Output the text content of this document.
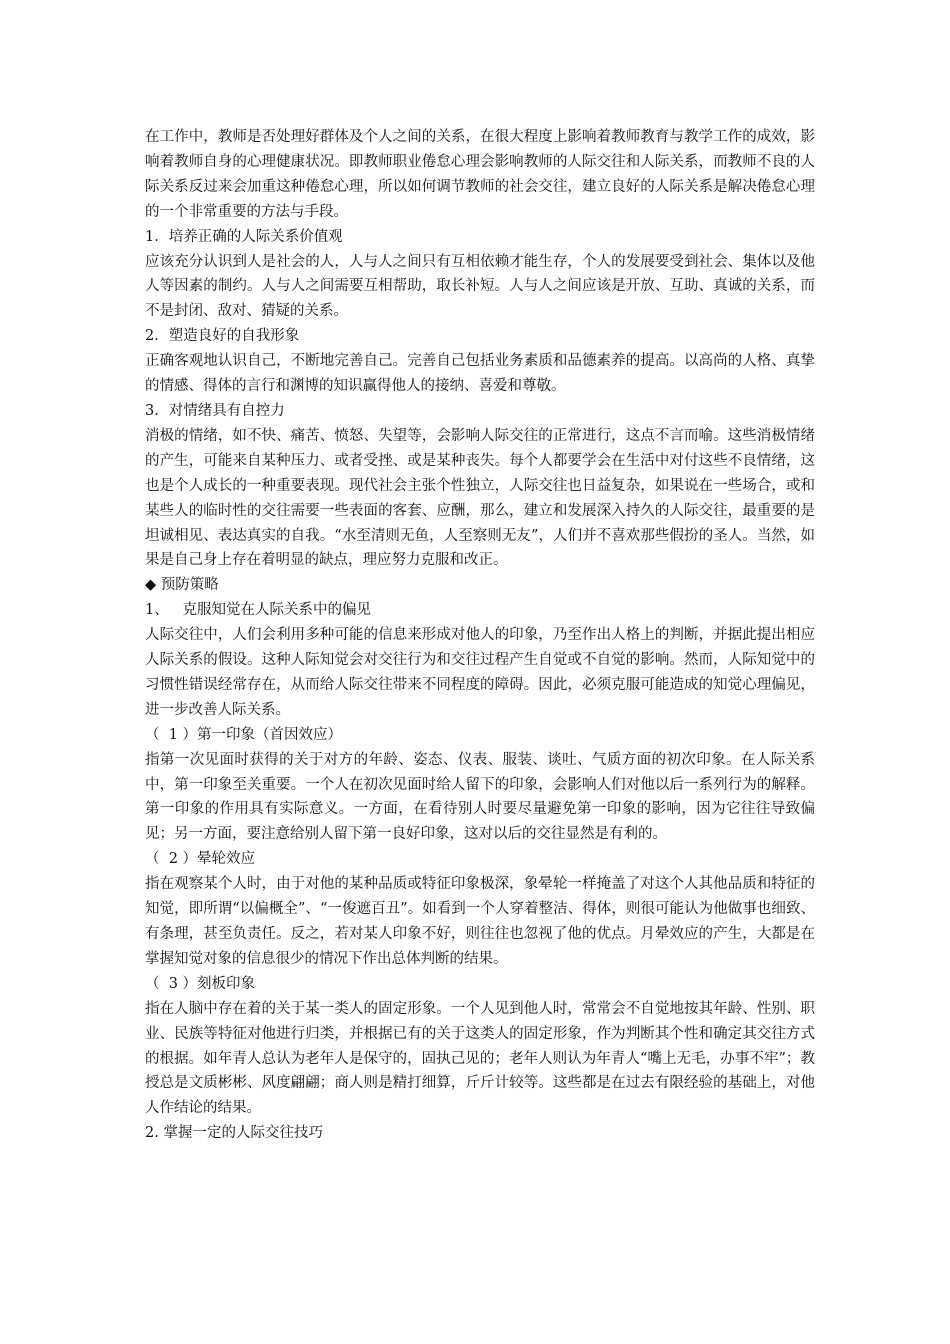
在工作中，教师是否处理好群体及个人之间的关系，在很大程度上影响着教师教育与教学工作的成效，影响着教师自身的心理健康状况。即教师职业倦怠心理会影响教师的人际交往和人际关系，而教师不良的人际关系反过来会加重这种倦怠心理，所以如何调节教师的社会交往，建立良好的人际关系是解决倦怠心理的一个非常重要的方法与手段。

1．培养正确的人际关系价值观

应该充分认识到人是社会的人，人与人之间只有互相依赖才能生存，个人的发展要受到社会、集体以及他人等因素的制约。人与人之间需要互相帮助，取长补短。人与人之间应该是开放、互助、真诚的关系，而不是封闭、敌对、猜疑的关系。

2．塑造良好的自我形象

正确客观地认识自己，不断地完善自己。完善自己包括业务素质和品德素养的提高。以高尚的人格、真挚的情感、得体的言行和渊博的知识赢得他人的接纳、喜爱和尊敬。

3．对情绪具有自控力

消极的情绪，如不快、痛苦、愤怒、失望等，会影响人际交往的正常进行，这点不言而喻。这些消极情绪的产生，可能来自某种压力、或者受挫、或是某种丧失。每个人都要学会在生活中对付这些不良情绪，这也是个人成长的一种重要表现。现代社会主张个性独立，人际交往也日益复杂，如果说在一些场合，或和某些人的临时性的交往需要一些表面的客套、应酬，那么，建立和发展深入持久的人际交往，最重要的是坦诚相见、表达真实的自我。“水至清则无鱼，人至察则无友”，人们并不喜欢那些假扮的圣人。当然，如果是自己身上存在着明显的缺点，理应努力克服和改正。

◆ 预防策略

1、   克服知觉在人际关系中的偏见

人际交往中，人们会利用多种可能的信息来形成对他人的印象，乃至作出人格上的判断，并据此提出相应人际关系的假设。这种人际知觉会对交往行为和交往过程产生自觉或不自觉的影响。然而，人际知觉中的习惯性错误经常存在，从而给人际交往带来不同程度的障碍。因此，必须克服可能造成的知觉心理偏见，进一步改善人际关系。

（  1 ）第一印象（首因效应）

指第一次见面时获得的关于对方的年龄、姿态、仪表、服装、谈吐、气质方面的初次印象。在人际关系中，第一印象至关重要。一个人在初次见面时给人留下的印象，会影响人们对他以后一系列行为的解释。第一印象的作用具有实际意义。一方面，在看待别人时要尽量避免第一印象的影响，因为它往往导致偏见；另一方面，要注意给别人留下第一良好印象，这对以后的交往显然是有利的。

（  2 ）晕轮效应

指在观察某个人时，由于对他的某种品质或特征印象极深，象晕轮一样掩盖了对这个人其他品质和特征的知觉，即所谓“以偏概全”、“一俊遮百丑”。如看到一个人穿着整洁、得体，则很可能认为他做事也细致、有条理，甚至负责任。反之，若对某人印象不好，则往往也忽视了他的优点。月晕效应的产生，大都是在掌握知觉对象的信息很少的情况下作出总体判断的结果。

（  3 ）刻板印象

指在人脑中存在着的关于某一类人的固定形象。一个人见到他人时，常常会不自觉地按其年龄、性别、职业、民族等特征对他进行归类，并根据已有的关于这类人的固定形象，作为判断其个性和确定其交往方式的根据。如年青人总认为老年人是保守的，固执己见的；老年人则认为年青人“嘴上无毛，办事不牢”；教授总是文质彬彬、风度翩翩；商人则是精打细算，斤斤计较等。这些都是在过去有限经验的基础上，对他人作结论的结果。

2. 掌握一定的人际交往技巧
